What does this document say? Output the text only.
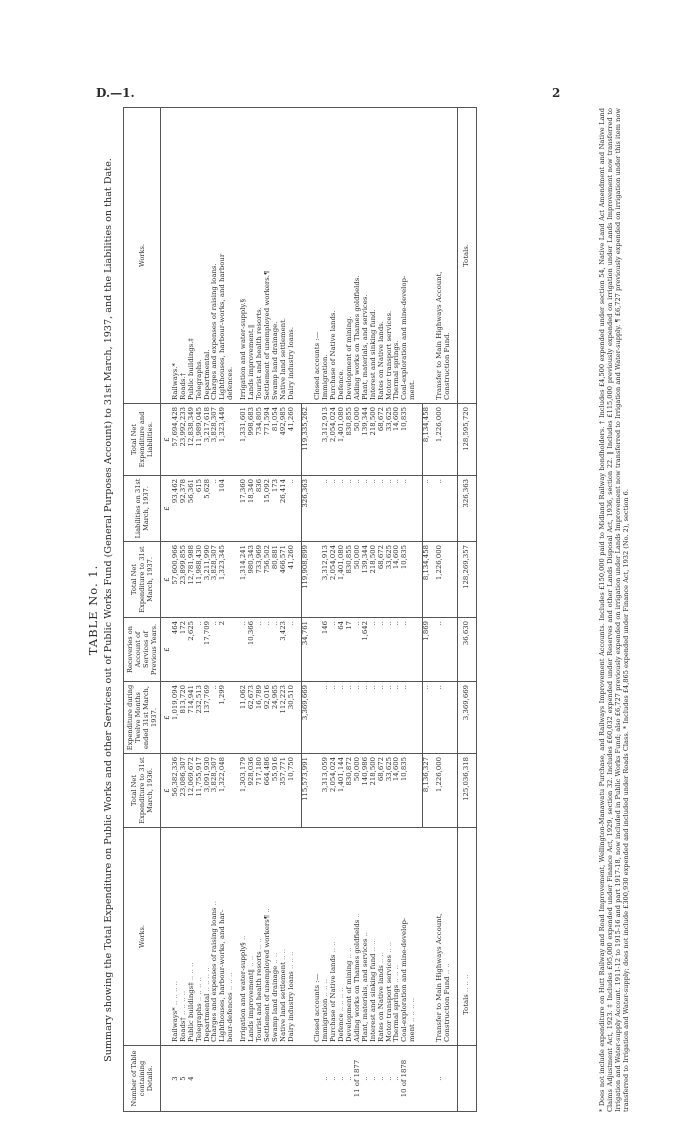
D.—1.	2

TABLE No. 1. Summary showing the Total Expenditure on Public Works and other Services out of Public Works Fund (General Purposes Account) to 31st March, 1937, and the Liabilities on that Date.

Number of Table containing Details.	Works.	Total Net Expenditure to 31st March, 1936.	Expenditure during Twelve Months ended 31st March, 1937.	Recoveries on Account of Services of Previous Years.	Total Net Expenditure to 31st March, 1937.	Liabilities on 31st March, 1937.	Total Net Expenditure and Liabilities.	Works.
		£	£	£	£	£	£	
3	Railways* .. .. .. ..	56,382,336	1,019,094	464	57,600,966	93,462	57,694,428	Railways.*
5	Roads† .. .. .. ..	23,086,307	813,720	172	23,899,855	92,378	23,992,233	Roads.†
4	Public buildings‡ .. .. ..	12,069,672	714,941	2,625	12,781,988	56,361	12,838,349	Public buildings.‡
	Telegraphs .. .. .. ..	11,755,917	232,513	..	11,988,430	615	11,989,045	Telegraphs.
	Departmental .. .. .. ..	3,091,930	137,769	17,709	3,211,990	5,628	3,217,618	Departmental.
	Charges and expenses of raising loans ..	3,828,307	..	..	3,828,307	..	3,828,307	Charges and expenses of raising loans.
	Lighthouses, harbour-works, and har-	1,322,048	1,299	2	1,323,345	104	1,323,449	Lighthouses, harbour-works, and harbour
	bour-defences .. .. ..							defences.

	Irrigation and water-supply§ ..	1,303,179	11,062	..	1,314,241	17,360	1,331,601	Irrigation and water-supply.§
	Lands improvement‖ .. ..	928,036	62,673	10,366	980,343	18,340	998,683	Lands improvement.‖
	Tourist and health resorts .. ..	717,180	16,789	..	733,969	836	734,805	Tourist and health resorts.
	Settlement of unemployed workers¶ ..	664,486	92,016	..	756,502	15,092	771,594	Settlement of unemployed workers.¶
	Swamp land drainage .. ..	55,916	24,965	..	80,881	173	81,054	Swamp land drainage.
	Native land settlement .. ..	357,771	112,223	3,423	466,571	26,414	492,985	Native land settlement.
	Dairy industry loans .. .. ..	10,750	30,510	..	41,260	..	41,260	Dairy industry loans.

		115,573,991	3,369,669	34,761	119,908,899	326,363	119,335,262	

	Closed accounts :—							Closed accounts :—
..	Immigration .. .. ..	3,313,059	..	146	3,312,913	..	3,312,913	Immigration.
..	Purchase of Native lands .. ..	2,054,024	..	..	2,054,024	..	2,054,024	Purchase of Native lands.
..	Defence .. .. .. ..	1,401,144	..	64	1,401,080	..	1,401,080	Defence.
..	Development of mining .. ..	830,872	..	17	830,855	..	830,855	Development of mining.
11 of 1877	Aiding works on Thames goldfields ..	50,000	..	..	50,000	..	50,000	Aiding works on Thames goldfields.
..	Plant, materials, and services ..	140,986	..	1,642	139,344	..	139,344	Plant, materials, and services.
..	Interest and sinking fund .. ..	218,500	..	..	218,500	..	218,500	Interest and sinking fund.
..	Rates on Native lands .. ..	68,672	..	..	68,672	..	68,672	Rates on Native lands.
..	Motor transport services .. ..	33,625	..	..	33,625	..	33,625	Motor transport services.
..	Thermal springs .. .. ..	14,600	..	..	14,600	..	14,600	Thermal springs.
10 of 1878	Coal-exploration and mine-develop-	10,835	..	..	10,835	..	10,835	Coal-exploration and mine-develop-
	ment .. .. .. ..							ment.

		8,136,327	..	1,869	8,134,458	..	8,134,458	

..	Transfer to Main Highways Account,	1,226,000	..	..	1,226,000	..	1,226,000	Transfer to Main Highways Account,
	Construction Fund .. ..							Construction Fund.

	Totals .. .. ..	125,036,318	3,369,669	36,630	128,269,357	326,363	128,595,720	Totals.	* Does not include expenditure on Hutt Railway and Road Improvement, Wellington-Manawatu Purchase, and Railways Improvement Accounts. Includes £150,000 paid to Midland Railway bondholders. † Includes £4,500 expended under section 54, Native Land Act Amendment and Native Land Claims Adjustment Act, 1923. ‡ Includes £95,000 expended under Finance Act, 1929, section 32. Includes £60,032 expended under Reserves and other Lands Disposal Act, 1936, section 22. ‖ Includes £115,000 previously expended on irrigation under Lands Improvement now transferred to Irrigation and Water-supply Account. 1911-12 to 1915-16 and part 1917-18, now included in Public Works Fund; also £6,727 previously expended on irrigation under Lands Improvement now transferred to Irrigation and Water-supply. ¶ £6,727 previously expended on irrigation under this item now transferred to Irrigation and Water-supply; does not include £300,930 expended and included under Roads Class. * Includes £4,865 expended under Finance Act, 1932 (No. 2), section 6.
